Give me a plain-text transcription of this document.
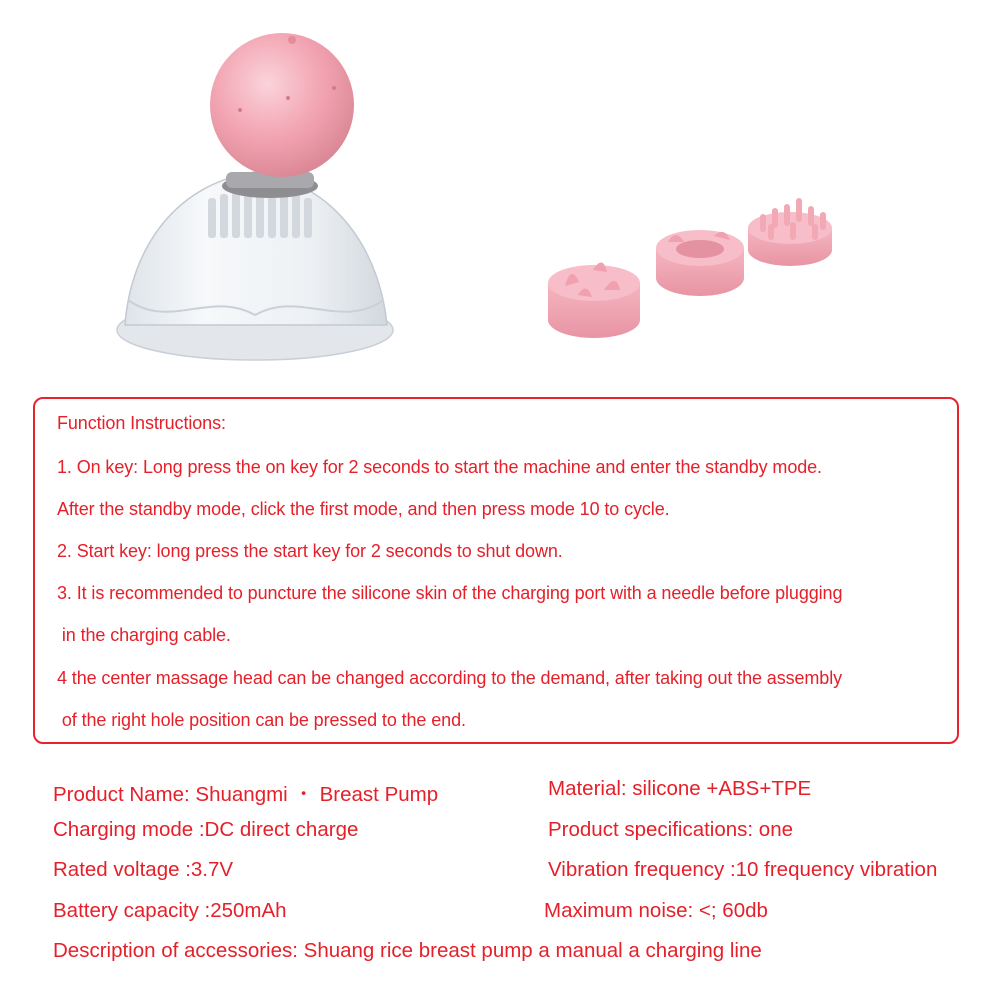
Function Instructions:
1. On key: Long press the on key for 2 seconds to start the machine and enter the standby mode.
After the standby mode, click the first mode, and then press mode 10 to cycle.
2. Start key: long press the start key for 2 seconds to shut down.
3. It is recommended to puncture the silicone skin of the charging port with a needle before plugging
in the charging cable.
4 the center massage head can be changed according to the demand, after taking out the assembly
of the right hole position can be pressed to the end.
Product Name: Shuangmi ・ Breast Pump	Material: silicone +ABS+TPE
Charging mode :DC direct charge	Product specifications: one
Rated voltage :3.7V	Vibration frequency :10 frequency vibration
Battery capacity :250mAh	Maximum noise: <; 60db
Description of accessories: Shuang rice breast pump a manual a charging line
